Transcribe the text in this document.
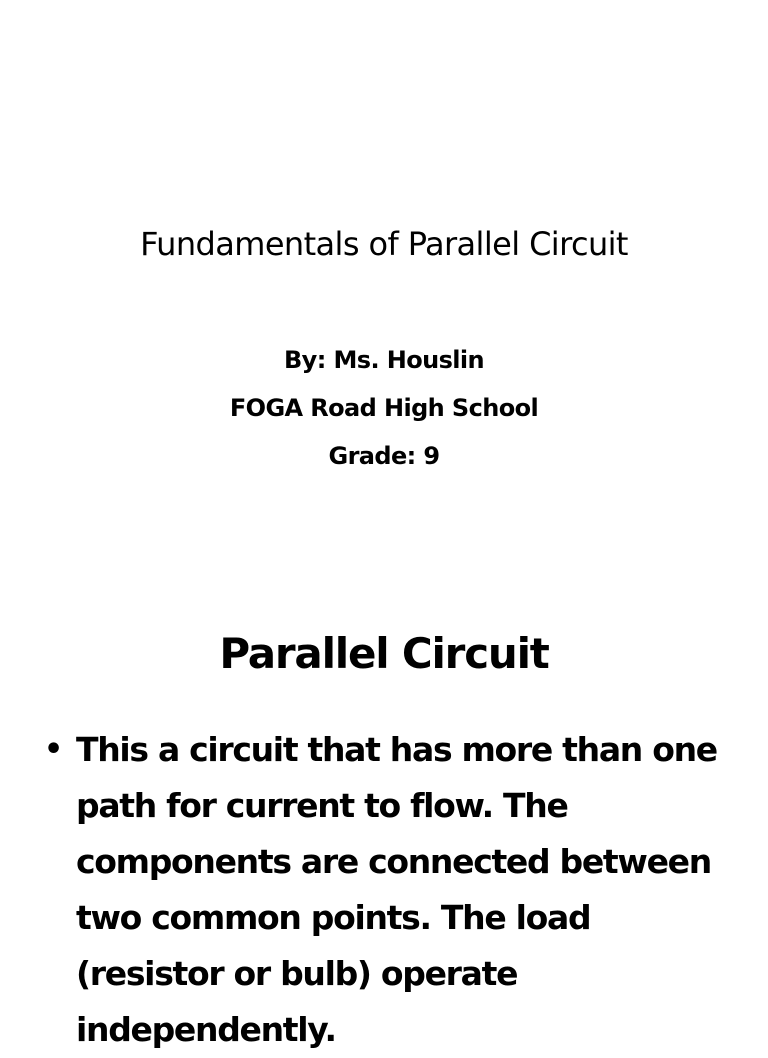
Fundamentals of Parallel Circuit
By: Ms. Houslin
FOGA Road High School
Grade: 9
Parallel Circuit
• This a circuit that has more than one path for current to flow. The components are connected between two common points. The load (resistor or bulb) operate independently.
